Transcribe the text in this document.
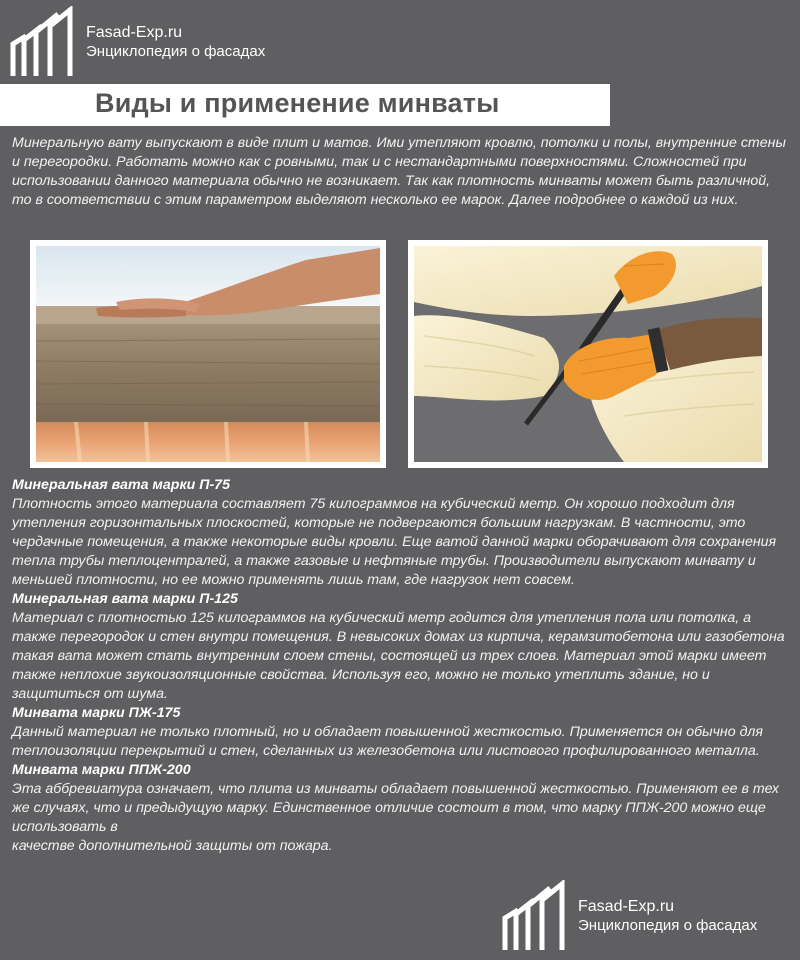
Fasad-Exp.ru
Энциклопедия о фасадах
Виды и применение минваты

Минеральную вату выпускают в виде плит и матов. Ими утепляют кровлю, потолки и полы, внутренние стены и перегородки. Работать можно как с ровными, так и с нестандартными поверхностями. Сложностей при использовании данного материала обычно не возникает. Так как плотность минваты может быть различной, то в соответствии с этим параметром выделяют несколько ее марок. Далее подробнее о каждой из них.

Минеральная вата марки П-75

Плотность этого материала составляет 75 килограммов на кубический метр. Он хорошо подходит для утепления горизонтальных плоскостей, которые не подвергаются большим нагрузкам. В частности, это чердачные помещения, а также некоторые виды кровли. Еще ватой данной марки оборачивают для сохранения тепла трубы теплоцентралей, а также газовые и нефтяные трубы. Производители выпускают минвату и меньшей плотности, но ее можно применять лишь там, где нагрузок нет совсем.

Минеральная вата марки П-125

Материал с плотностью 125 килограммов на кубический метр годится для утепления пола или потолка, а также перегородок и стен внутри помещения. В невысоких домах из кирпича, керамзитобетона или газобетона такая вата может стать внутренним слоем стены, состоящей из трех слоев. Материал этой марки имеет также неплохие звукоизоляционные свойства. Используя его, можно не только утеплить здание, но и защититься от шума.

Минвата марки ПЖ-175

Данный материал не только плотный, но и обладает повышенной жесткостью. Применяется он обычно для теплоизоляции перекрытий и стен, сделанных из железобетона или листового профилированного металла.

Минвата марки ППЖ-200
Эта аббревиатура означает, что плита из минваты обладает повышенной жесткостью. Применяют ее в тех же случаях, что и предыдущую марку. Единственное отличие состоит в том, что марку ППЖ-200 можно еще использовать в
качестве дополнительной защиты от пожара.
Fasad-Exp.ru
Энциклопедия о фасадах
